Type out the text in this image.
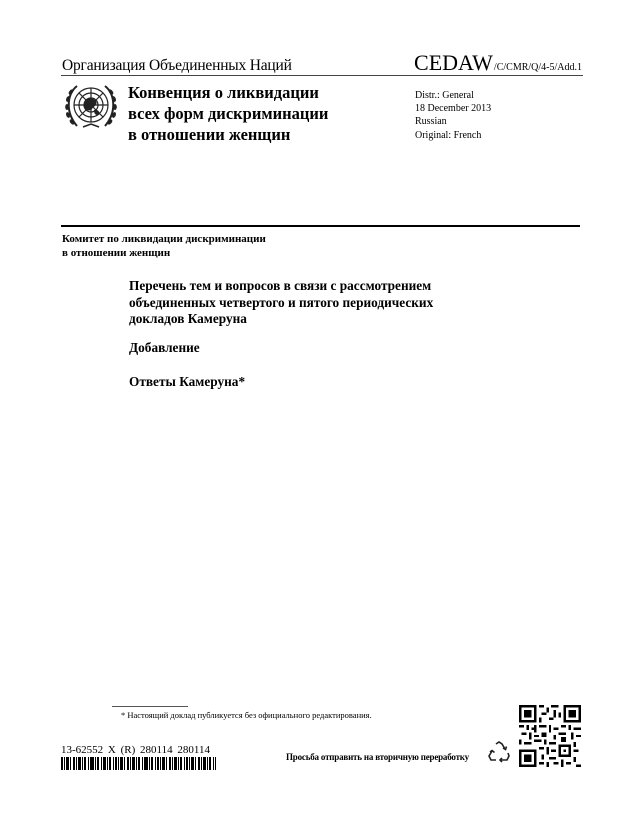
Организация Объединенных Наций	CEDAW /C/CMR/Q/4-5/Add.1
Конвенция о ликвидации
всех форм дискриминации
в отношении женщин
Distr.: General
18 December 2013
Russian
Original: French
Комитет по ликвидации дискриминации
в отношении женщин
Перечень тем и вопросов в связи с рассмотрением
объединенных четвертого и пятого периодических
докладов Камеруна
Добавление
Ответы Камеруна*
* Настоящий доклад публикуется без официального редактирования.
13-62552 X (R) 280114 280114
Просьба отправить на вторичную переработку
